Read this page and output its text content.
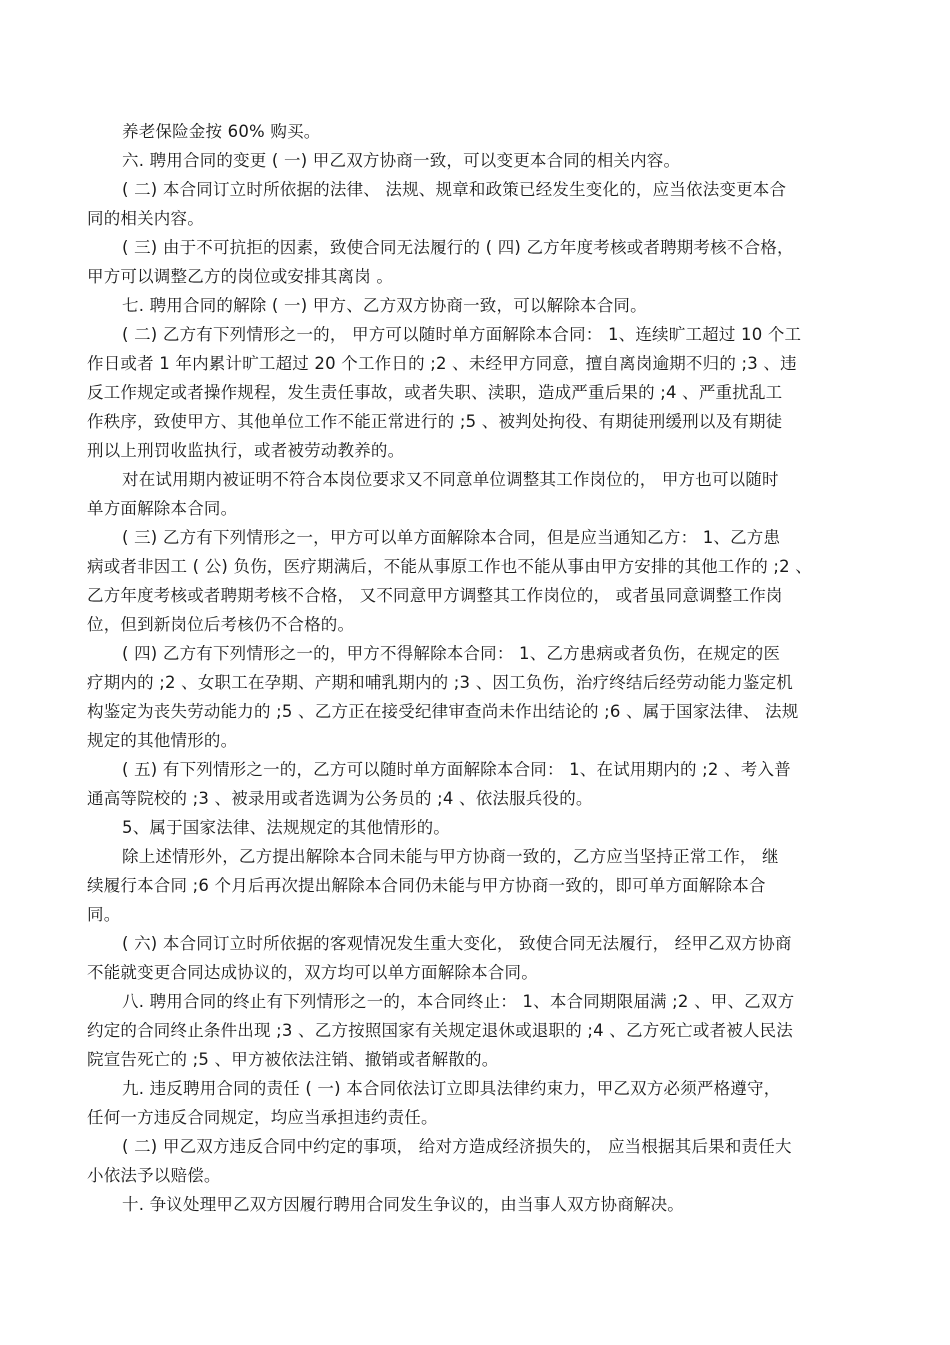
养老保险金按 60% 购买。
六. 聘用合同的变更 ( 一) 甲乙双方协商一致，可以变更本合同的相关内容。
( 二) 本合同订立时所依据的法律、 法规、规章和政策已经发生变化的，应当依法变更本合
同的相关内容。
( 三) 由于不可抗拒的因素，致使合同无法履行的 ( 四) 乙方年度考核或者聘期考核不合格，
甲方可以调整乙方的岗位或安排其离岗 。
七. 聘用合同的解除 ( 一) 甲方、乙方双方协商一致，可以解除本合同。
( 二) 乙方有下列情形之一的， 甲方可以随时单方面解除本合同： 1、连续旷工超过 10 个工
作日或者 1 年内累计旷工超过 20 个工作日的 ;2 、未经甲方同意，擅自离岗逾期不归的 ;3 、违
反工作规定或者操作规程，发生责任事故，或者失职、渎职，造成严重后果的 ;4 、严重扰乱工
作秩序，致使甲方、其他单位工作不能正常进行的 ;5 、被判处拘役、有期徒刑缓刑以及有期徒
刑以上刑罚收监执行，或者被劳动教养的。
对在试用期内被证明不符合本岗位要求又不同意单位调整其工作岗位的， 甲方也可以随时
单方面解除本合同。
( 三) 乙方有下列情形之一，甲方可以单方面解除本合同，但是应当通知乙方： 1、乙方患
病或者非因工 ( 公) 负伤，医疗期满后，不能从事原工作也不能从事由甲方安排的其他工作的 ;2 、
乙方年度考核或者聘期考核不合格， 又不同意甲方调整其工作岗位的， 或者虽同意调整工作岗
位，但到新岗位后考核仍不合格的。
( 四) 乙方有下列情形之一的，甲方不得解除本合同： 1、乙方患病或者负伤，在规定的医
疗期内的 ;2 、女职工在孕期、产期和哺乳期内的 ;3 、因工负伤，治疗终结后经劳动能力鉴定机
构鉴定为丧失劳动能力的 ;5 、乙方正在接受纪律审查尚未作出结论的 ;6 、属于国家法律、 法规
规定的其他情形的。
( 五) 有下列情形之一的，乙方可以随时单方面解除本合同： 1、在试用期内的 ;2 、考入普
通高等院校的 ;3 、被录用或者选调为公务员的 ;4 、依法服兵役的。
5、属于国家法律、法规规定的其他情形的。
除上述情形外，乙方提出解除本合同未能与甲方协商一致的，乙方应当坚持正常工作， 继
续履行本合同 ;6 个月后再次提出解除本合同仍未能与甲方协商一致的，即可单方面解除本合
同。
( 六) 本合同订立时所依据的客观情况发生重大变化， 致使合同无法履行， 经甲乙双方协商
不能就变更合同达成协议的，双方均可以单方面解除本合同。
八. 聘用合同的终止有下列情形之一的，本合同终止： 1、本合同期限届满 ;2 、甲、乙双方
约定的合同终止条件出现 ;3 、乙方按照国家有关规定退休或退职的 ;4 、乙方死亡或者被人民法
院宣告死亡的 ;5 、甲方被依法注销、撤销或者解散的。
九. 违反聘用合同的责任 ( 一) 本合同依法订立即具法律约束力，甲乙双方必须严格遵守，
任何一方违反合同规定，均应当承担违约责任。
( 二) 甲乙双方违反合同中约定的事项， 给对方造成经济损失的， 应当根据其后果和责任大
小依法予以赔偿。
十. 争议处理甲乙双方因履行聘用合同发生争议的，由当事人双方协商解决。
